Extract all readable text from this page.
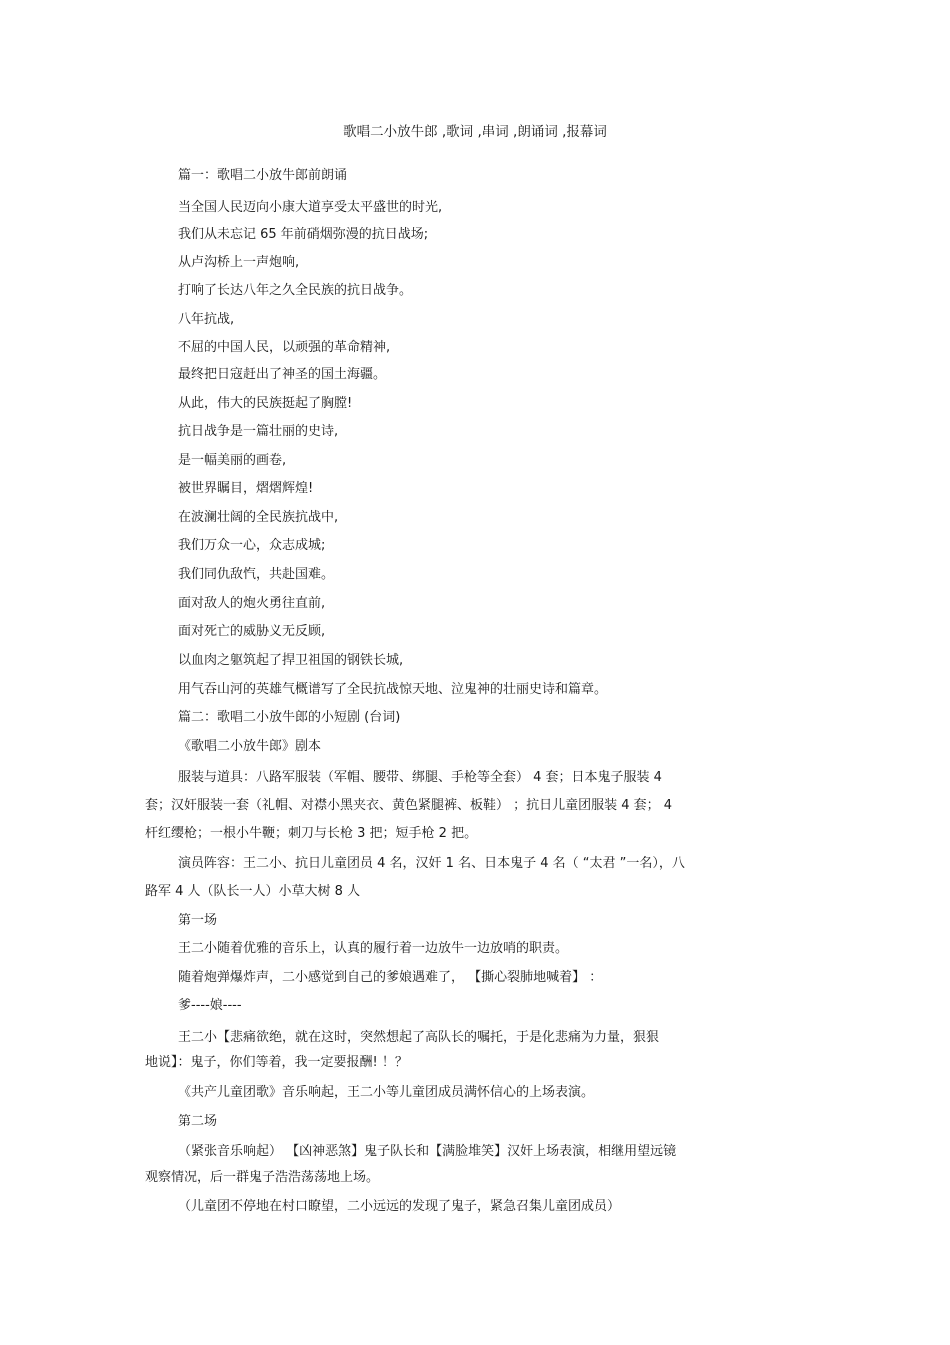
歌唱二小放牛郎 ,歌词 ,串词 ,朗诵词 ,报幕词
篇一：歌唱二小放牛郎前朗诵
当全国人民迈向小康大道享受太平盛世的时光,
我们从未忘记 65 年前硝烟弥漫的抗日战场;
从卢沟桥上一声炮响,
打响了长达八年之久全民族的抗日战争。
八年抗战,
不屈的中国人民，以顽强的革命精神,
最终把日寇赶出了神圣的国土海疆。
从此，伟大的民族挺起了胸膛!
抗日战争是一篇壮丽的史诗,
是一幅美丽的画卷,
被世界瞩目，熠熠辉煌!
在波澜壮阔的全民族抗战中,
我们万众一心，众志成城;
我们同仇敌忾，共赴国难。
面对敌人的炮火勇往直前,
面对死亡的威胁义无反顾,
以血肉之躯筑起了捍卫祖国的钢铁长城,
用气吞山河的英雄气概谱写了全民抗战惊天地、泣鬼神的壮丽史诗和篇章。
篇二：歌唱二小放牛郎的小短剧 (台词)
《歌唱二小放牛郎》剧本
服装与道具：八路军服装（军帽、腰带、绑腿、手枪等全套） 4 套；日本鬼子服装 4
套；汉奸服装一套（礼帽、对襟小黑夹衣、黄色紧腿裤、板鞋） ；抗日儿童团服装 4 套； 4
杆红缨枪；一根小牛鞭；刺刀与长枪 3 把；短手枪 2 把。
演员阵容：王二小、抗日儿童团员 4 名，汉奸 1 名、日本鬼子 4 名（ “太君 ”一名），八
路军 4 人（队长一人）小草大树 8 人
第一场
王二小随着优雅的音乐上，认真的履行着一边放牛一边放哨的职责。
随着炮弹爆炸声，二小感觉到自己的爹娘遇难了， 【撕心裂肺地喊着】 ：
爹----娘----
王二小【悲痛欲绝，就在这时，突然想起了高队长的嘱托，于是化悲痛为力量，狠狠
地说】：鬼子，你们等着，我一定要报酬! ！？
《共产儿童团歌》音乐响起，王二小等儿童团成员满怀信心的上场表演。
第二场
（紧张音乐响起） 【凶神恶煞】鬼子队长和【满脸堆笑】汉奸上场表演，相继用望远镜
观察情况，后一群鬼子浩浩荡荡地上场。
（儿童团不停地在村口瞭望，二小远远的发现了鬼子，紧急召集儿童团成员）
